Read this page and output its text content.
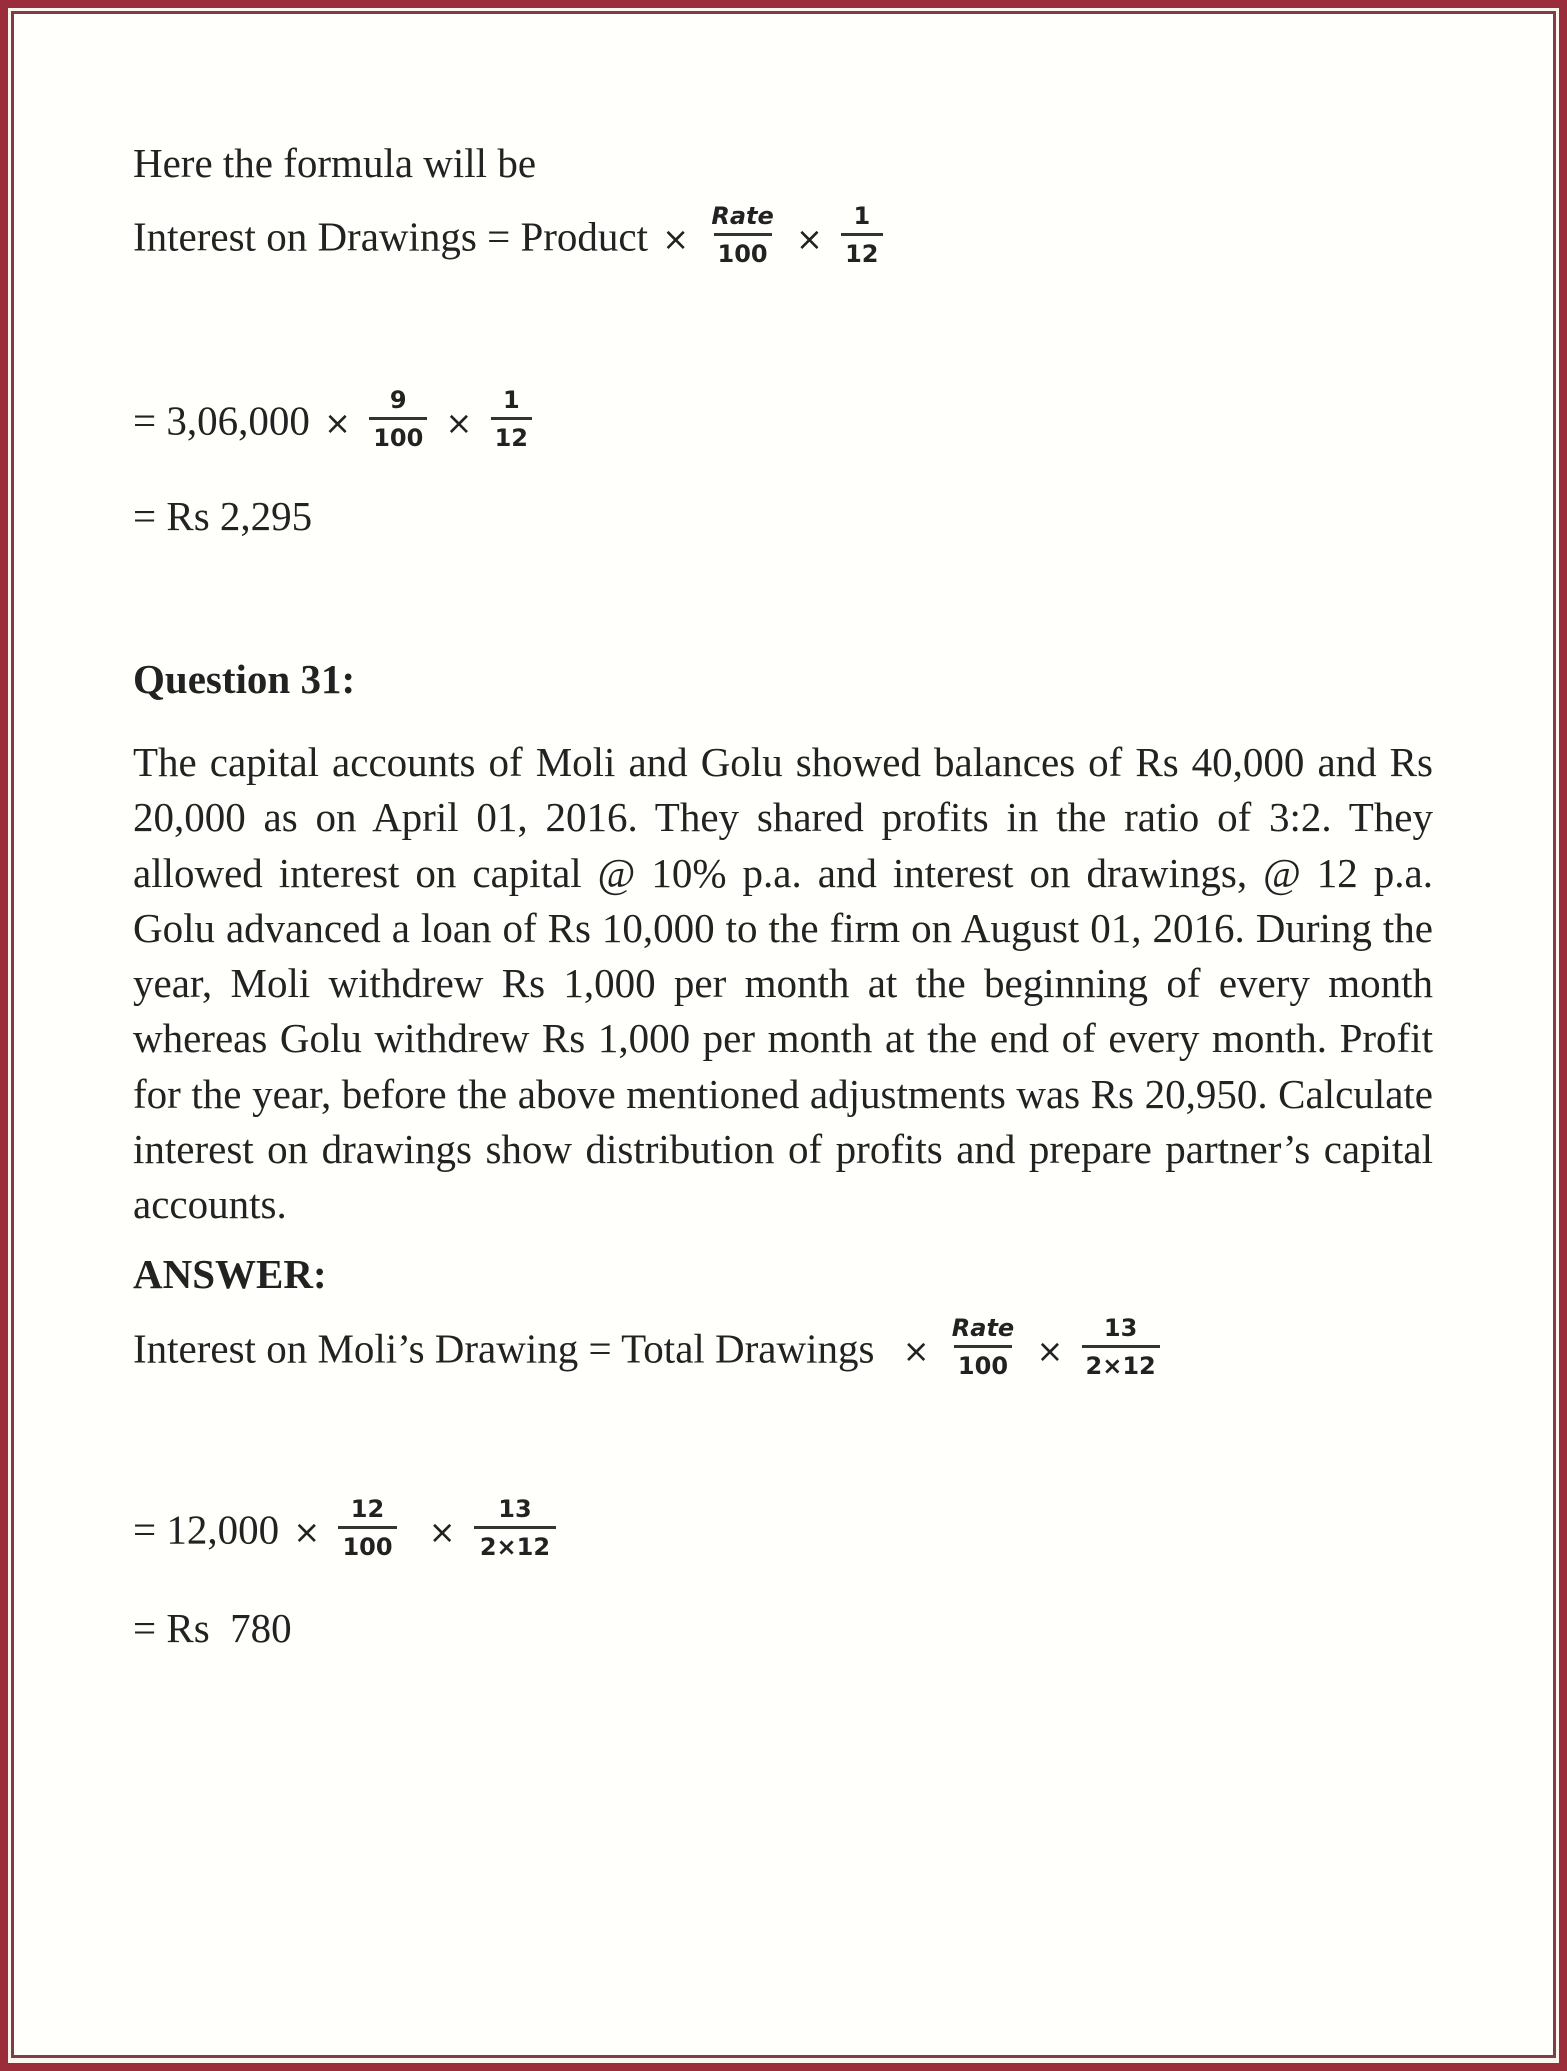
Here the formula will be
Interest on Drawings = Product × $\frac{\text{Rate}}{100} \times \frac{1}{12}$
= $3,06,000 \times \frac{9}{100} \times \frac{1}{12}$
= Rs 2,295
Question 31:
The capital accounts of Moli and Golu showed balances of Rs 40,000 and Rs 20,000 as on April 01, 2016. They shared profits in the ratio of 3:2. They allowed interest on capital @ 10% p.a. and interest on drawings, @ 12 p.a. Golu advanced a loan of Rs 10,000 to the firm on August 01, 2016. During the year, Moli withdrew Rs 1,000 per month at the beginning of every month whereas Golu withdrew Rs 1,000 per month at the end of every month. Profit for the year, before the above mentioned adjustments was Rs 20,950. Calculate interest on drawings show distribution of profits and prepare partner’s capital accounts.
ANSWER:
Interest on Moli’s Drawing = Total Drawings × $\frac{\text{Rate}}{100} \times \frac{13}{2\times 12}$
= $12,000 \times \frac{12}{100} \times \frac{13}{2\times 12}$
= Rs  780
